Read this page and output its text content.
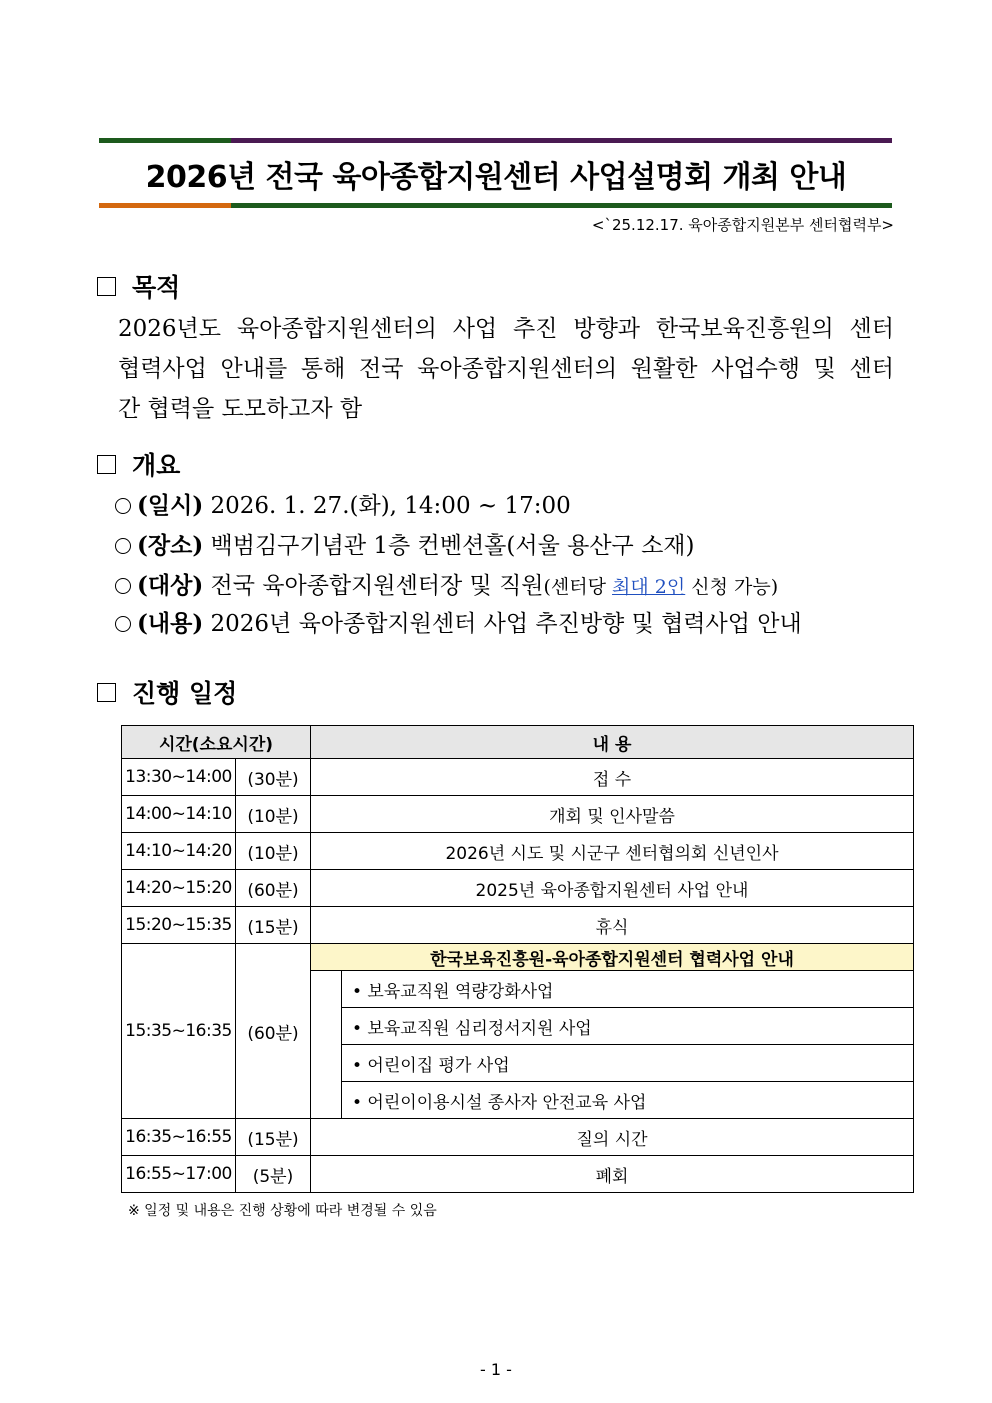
2026년 전국 육아종합지원센터 사업설명회 개최 안내
<`25.12.17. 육아종합지원본부 센터협력부>
목적
2026년도 육아종합지원센터의 사업 추진 방향과 한국보육진흥원의 센터
협력사업 안내를 통해 전국 육아종합지원센터의 원활한 사업수행 및 센터
간 협력을 도모하고자 함
개요
(일시) 2026. 1. 27.(화), 14:00 ~ 17:00
(장소) 백범김구기념관 1층 컨벤션홀(서울 용산구 소재)
(대상) 전국 육아종합지원센터장 및 직원(센터당 최대 2인 신청 가능)
(내용) 2026년 육아종합지원센터 사업 추진방향 및 협력사업 안내
진행 일정
시간(소요시간)		내 용	
13:30~14:00	(30분)	접 수	
14:00~14:10	(10분)	개회 및 인사말씀	
14:10~14:20	(10분)	2026년 시도 및 시군구 센터협의회 신년인사	
14:20~15:20	(60분)	2025년 육아종합지원센터 사업 안내	
15:20~15:35	(15분)	휴식	
15:35~16:35	(60분)	한국보육진흥원-육아종합지원센터 협력사업 안내	
			• 보육교직원 역량강화사업
			• 보육교직원 심리정서지원 사업
			• 어린이집 평가 사업
			• 어린이이용시설 종사자 안전교육 사업
16:35~16:55	(15분)	질의 시간	
16:55~17:00	(5분)	폐회	
※ 일정 및 내용은 진행 상황에 따라 변경될 수 있음
- 1 -
